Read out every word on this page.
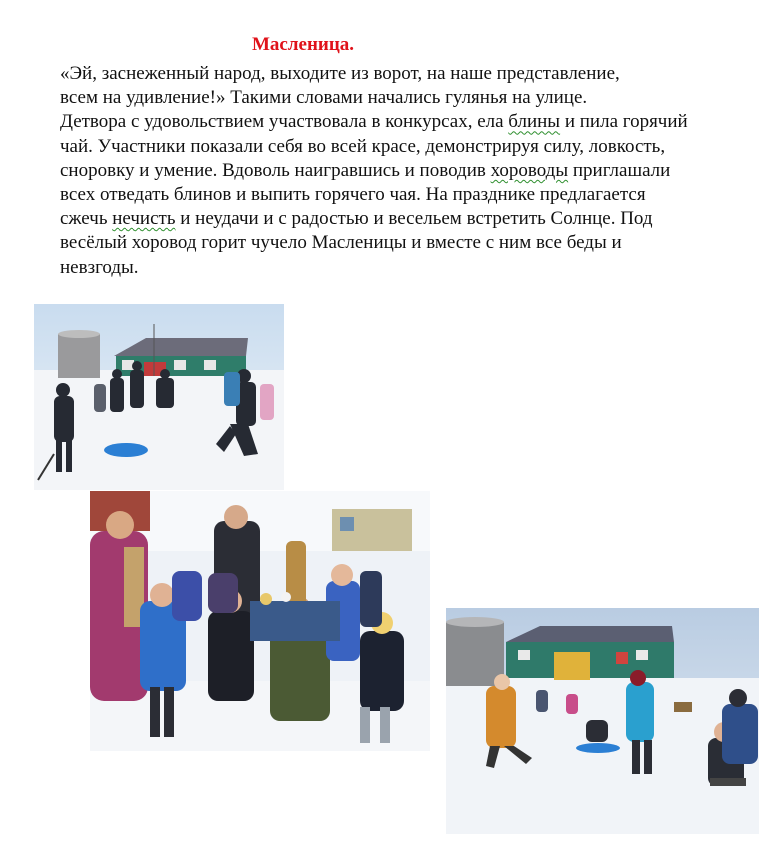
Масленица.
«Эй, заснеженный народ, выходите из ворот, на наше представление,
всем на удивление!» Такими словами начались гулянья на улице.
Детвора с удовольствием участвовала в конкурсах, ела блины и пила горячий
чай. Участники показали себя во всей красе, демонстрируя силу, ловкость,
сноровку и умение. Вдоволь наигравшись и поводив хороводы приглашали
всех отведать блинов и выпить горячего чая. На празднике предлагается
сжечь нечисть и неудачи и с радостью и весельем встретить Солнце. Под
весёлый хоровод горит чучело Масленицы и вместе с ним все беды и
невзгоды.
